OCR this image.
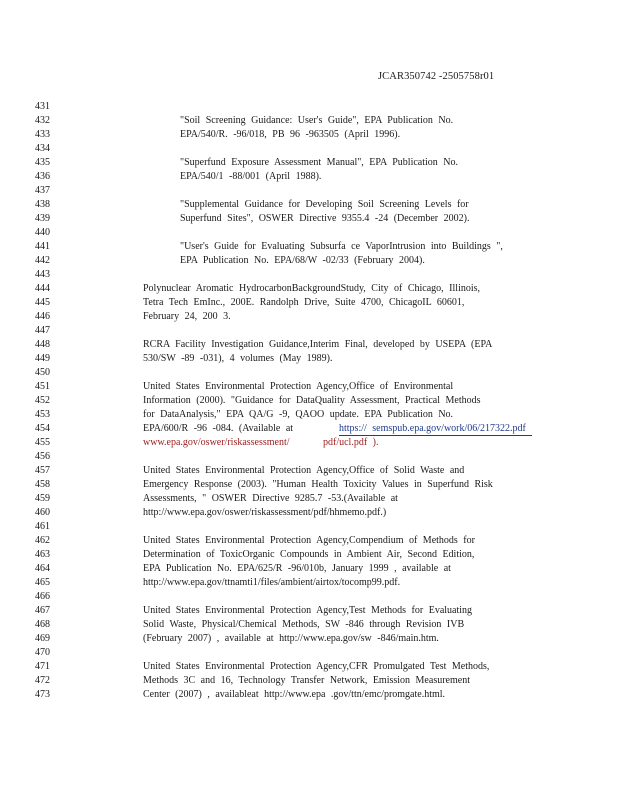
JCAR350742 -2505758r01
431
432
433
434
435
436
437
438
439
440
441
442
443
444
445
446
447
448
449
450
451
452
453
454
455
456
457
458
459
460
461
462
463
464
465
466
467
468
469
470
471
472
473
"Soil Screening Guidance: User's Guide", EPA Publication No.
EPA/540/R. -96/018, PB 96 -963505 (April 1996).
"Superfund Exposure Assessment Manual", EPA Publication No.
EPA/540/1 -88/001 (April 1988).
"Supplemental Guidance for Developing Soil Screening Levels for
Superfund Sites", OSWER Directive 9355.4 -24 (December 2002).
"User's Guide for Evaluating Subsurfa ce VaporIntrusion into Buildings ",
EPA Publication No. EPA/68/W -02/33 (February 2004).
Polynuclear Aromatic HydrocarbonBackgroundStudy, City of Chicago, Illinois,
Tetra Tech EmInc., 200E. Randolph Drive, Suite 4700, ChicagoIL 60601,
February 24, 200 3.
RCRA Facility Investigation Guidance,Interim Final, developed by USEPA (EPA
530/SW -89 -031), 4 volumes (May 1989).
United States Environmental Protection Agency,Office of Environmental
Information (2000). "Guidance for DataQuality Assessment, Practical Methods
for DataAnalysis," EPA QA/G -9, QAOO update. EPA Publication No.
EPA/600/R -96 -084. (Available at	https:// semspub.epa.gov/work/06/217322.pdf
www.epa.gov/oswer/riskassessment/	pdf/ucl.pdf ).
United States Environmental Protection Agency,Office of Solid Waste and
Emergency Response (2003). "Human Health Toxicity Values in Superfund Risk
Assessments, " OSWER Directive 9285.7 -53.(Available at
http://www.epa.gov/oswer/riskassessment/pdf/hhmemo.pdf.)
United States Environmental Protection Agency,Compendium of Methods for
Determination of ToxicOrganic Compounds in Ambient Air, Second Edition,
EPA Publication No. EPA/625/R -96/010b, January 1999 , available at
http://www.epa.gov/ttnamti1/files/ambient/airtox/tocomp99.pdf.
United States Environmental Protection Agency,Test Methods for Evaluating
Solid Waste, Physical/Chemical Methods, SW -846 through Revision IVB
(February 2007) , available at http://www.epa.gov/sw -846/main.htm.
United States Environmental Protection Agency,CFR Promulgated Test Methods,
Methods 3C and 16, Technology Transfer Network, Emission Measurement
Center (2007) , availableat http://www.epa .gov/ttn/emc/promgate.html.
